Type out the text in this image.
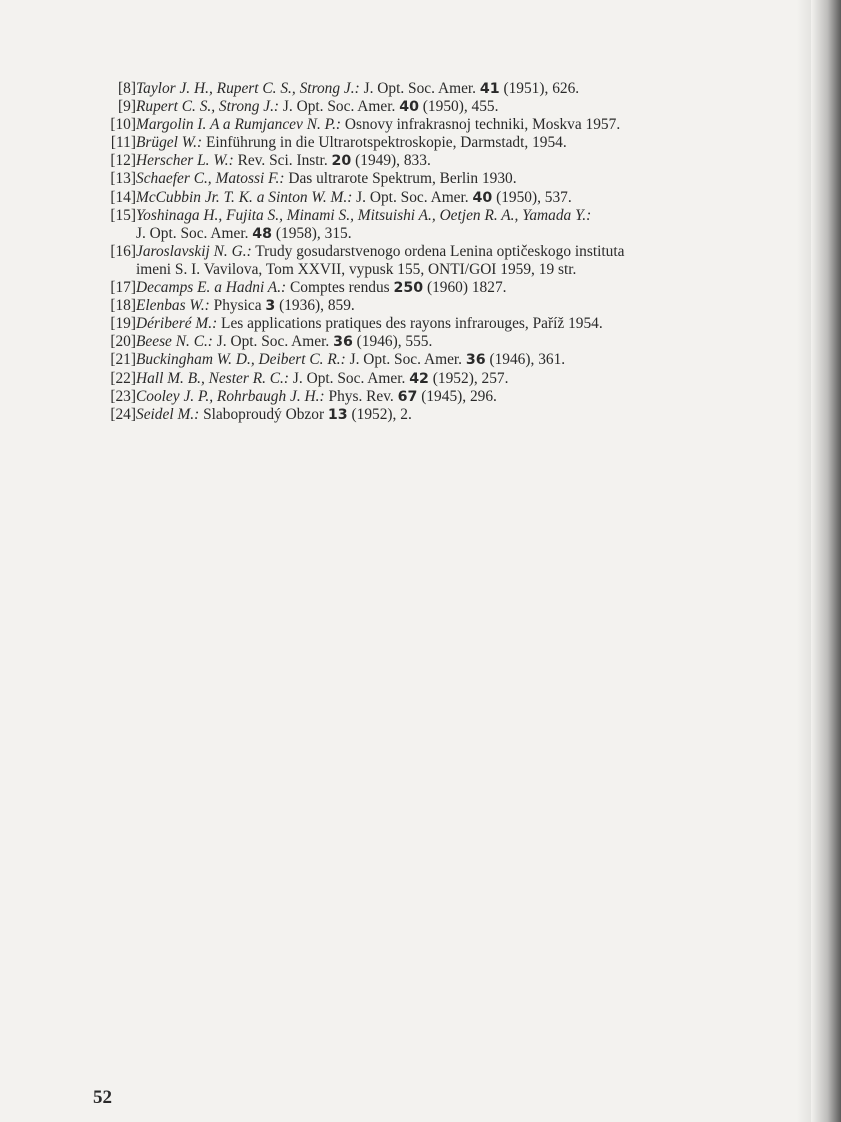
[8] Taylor J. H., Rupert C. S., Strong J.: J. Opt. Soc. Amer. 41 (1951), 626.
[9] Rupert C. S., Strong J.: J. Opt. Soc. Amer. 40 (1950), 455.
[10] Margolin I. A a Rumjancev N. P.: Osnovy infrakrasnoj techniki, Moskva 1957.
[11] Brügel W.: Einführung in die Ultrarotspektroskopie, Darmstadt, 1954.
[12] Herscher L. W.: Rev. Sci. Instr. 20 (1949), 833.
[13] Schaefer C., Matossi F.: Das ultrarote Spektrum, Berlin 1930.
[14] McCubbin Jr. T. K. a Sinton W. M.: J. Opt. Soc. Amer. 40 (1950), 537.
[15] Yoshinaga H., Fujita S., Minami S., Mitsuishi A., Oetjen R. A., Yamada Y.:
J. Opt. Soc. Amer. 48 (1958), 315.
[16] Jaroslavskij N. G.: Trudy gosudarstvenogo ordena Lenina optičeskogo instituta
imeni S. I. Vavilova, Tom XXVII, vypusk 155, ONTI/GOI 1959, 19 str.
[17] Decamps E. a Hadni A.: Comptes rendus 250 (1960) 1827.
[18] Elenbas W.: Physica 3 (1936), 859.
[19] Dériberé M.: Les applications pratiques des rayons infrarouges, Paříž 1954.
[20] Beese N. C.: J. Opt. Soc. Amer. 36 (1946), 555.
[21] Buckingham W. D., Deibert C. R.: J. Opt. Soc. Amer. 36 (1946), 361.
[22] Hall M. B., Nester R. C.: J. Opt. Soc. Amer. 42 (1952), 257.
[23] Cooley J. P., Rohrbaugh J. H.: Phys. Rev. 67 (1945), 296.
[24] Seidel M.: Slaboproudý Obzor 13 (1952), 2.
52
